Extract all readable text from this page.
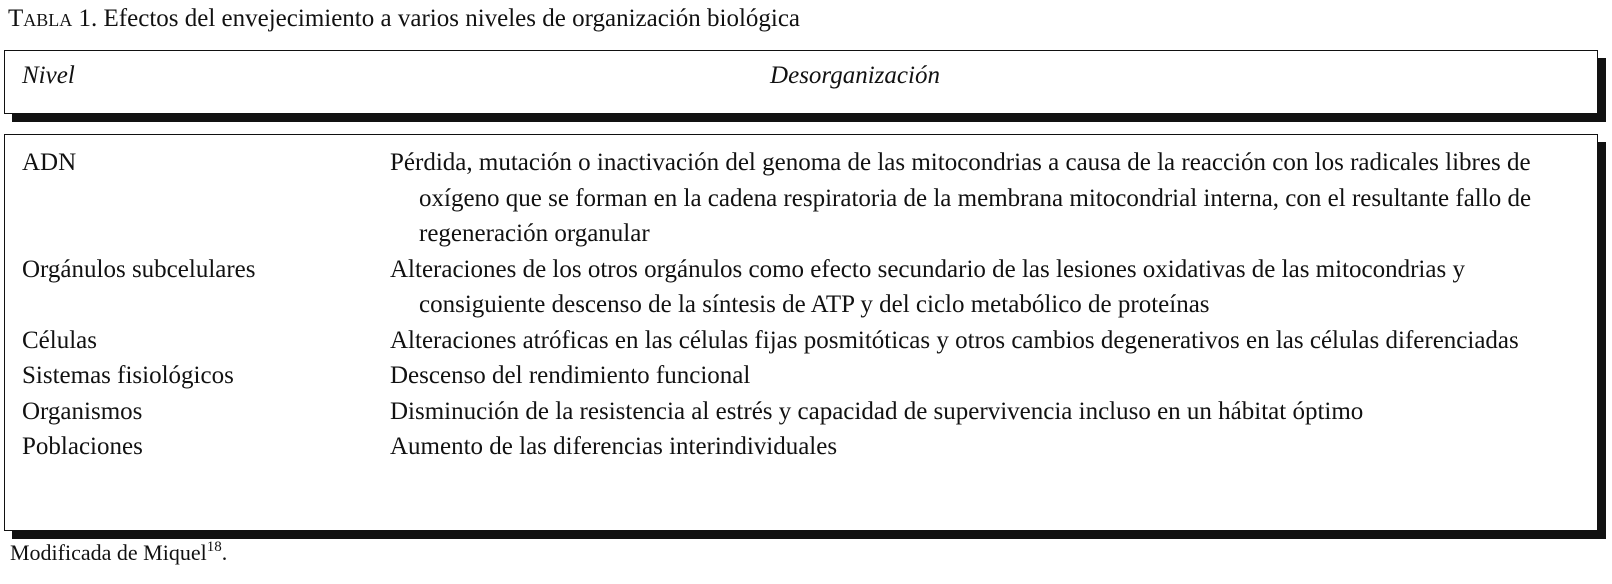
Tabla 1. Efectos del envejecimiento a varios niveles de organización biológica
Nivel	Desorganización
ADN	Pérdida, mutación o inactivación del genoma de las mitocondrias a causa de la reacción con los radicales libres de oxígeno que se forman en la cadena respiratoria de la membrana mitocondrial interna, con el resultante fallo de regeneración organular
Orgánulos subcelulares	Alteraciones de los otros orgánulos como efecto secundario de las lesiones oxidativas de las mitocondrias y consiguiente descenso de la síntesis de ATP y del ciclo metabólico de proteínas
Células	Alteraciones atróficas en las células fijas posmitóticas y otros cambios degenerativos en las células diferenciadas
Sistemas fisiológicos	Descenso del rendimiento funcional
Organismos	Disminución de la resistencia al estrés y capacidad de supervivencia incluso en un hábitat óptimo
Poblaciones	Aumento de las diferencias interindividuales
Modificada de Miquel$^{18}$.
